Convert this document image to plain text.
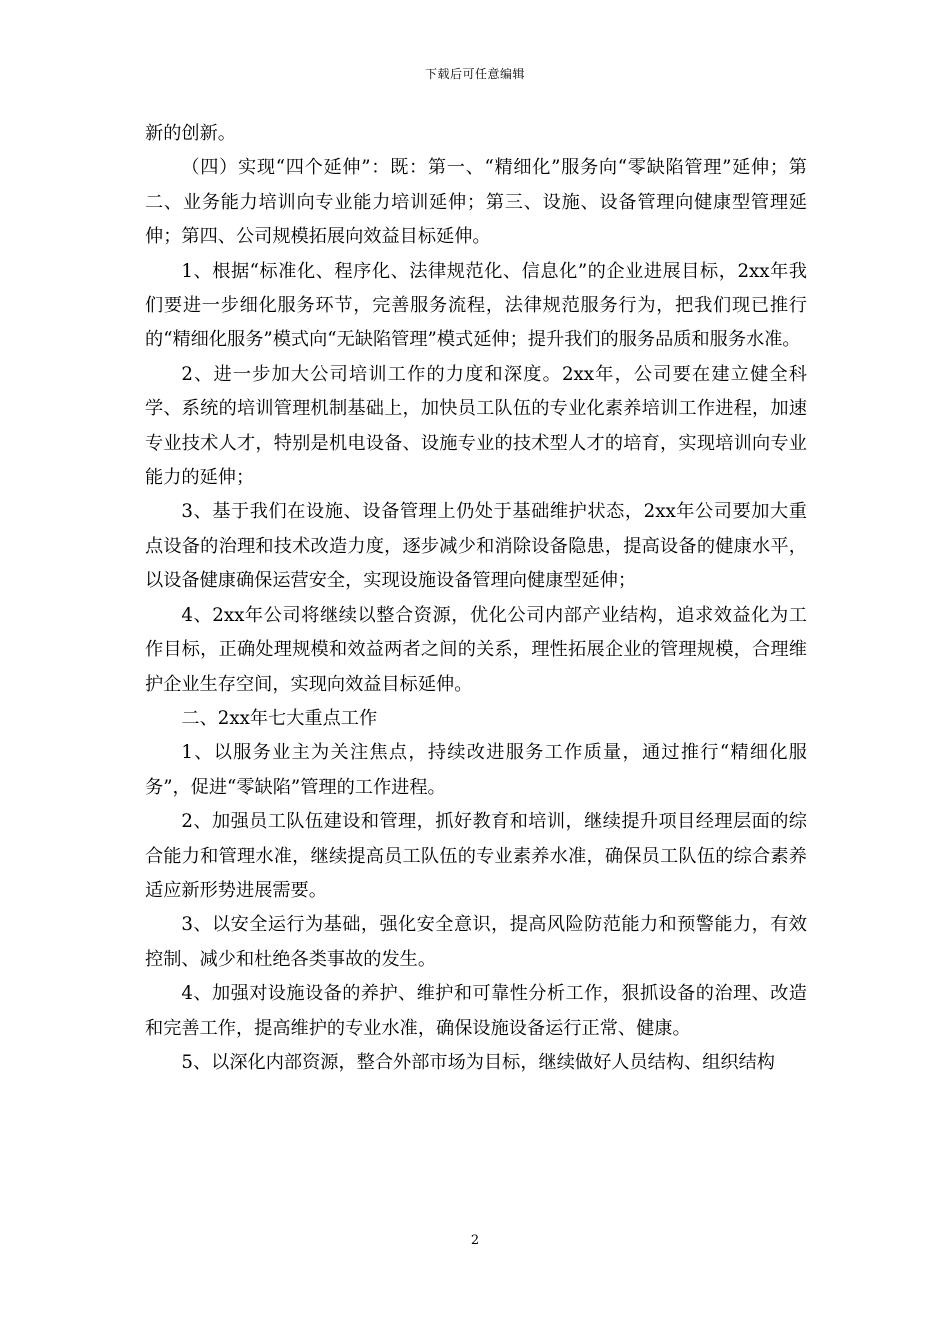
下载后可任意编辑

新的创新。

（四）实现“四个延伸”：既：第一、“精细化”服务向“零缺陷管理”延伸；第二、业务能力培训向专业能力培训延伸；第三、设施、设备管理向健康型管理延伸；第四、公司规模拓展向效益目标延伸。

1、根据“标准化、程序化、法律规范化、信息化”的企业进展目标，2xx年我们要进一步细化服务环节，完善服务流程，法律规范服务行为，把我们现已推行的“精细化服务”模式向“无缺陷管理”模式延伸；提升我们的服务品质和服务水准。

2、进一步加大公司培训工作的力度和深度。2xx年，公司要在建立健全科学、系统的培训管理机制基础上，加快员工队伍的专业化素养培训工作进程，加速专业技术人才，特别是机电设备、设施专业的技术型人才的培育，实现培训向专业能力的延伸；

3、基于我们在设施、设备管理上仍处于基础维护状态，2xx年公司要加大重点设备的治理和技术改造力度，逐步减少和消除设备隐患，提高设备的健康水平，以设备健康确保运营安全，实现设施设备管理向健康型延伸；

4、2xx年公司将继续以整合资源，优化公司内部产业结构，追求效益化为工作目标，正确处理规模和效益两者之间的关系，理性拓展企业的管理规模，合理维护企业生存空间，实现向效益目标延伸。

二、2xx年七大重点工作

1、以服务业主为关注焦点，持续改进服务工作质量，通过推行“精细化服务”，促进“零缺陷”管理的工作进程。

2、加强员工队伍建设和管理，抓好教育和培训，继续提升项目经理层面的综合能力和管理水准，继续提高员工队伍的专业素养水准，确保员工队伍的综合素养适应新形势进展需要。

3、以安全运行为基础，强化安全意识，提高风险防范能力和预警能力，有效控制、减少和杜绝各类事故的发生。

4、加强对设施设备的养护、维护和可靠性分析工作，狠抓设备的治理、改造和完善工作，提高维护的专业水准，确保设施设备运行正常、健康。

5、以深化内部资源，整合外部市场为目标，继续做好人员结构、组织结构

2
